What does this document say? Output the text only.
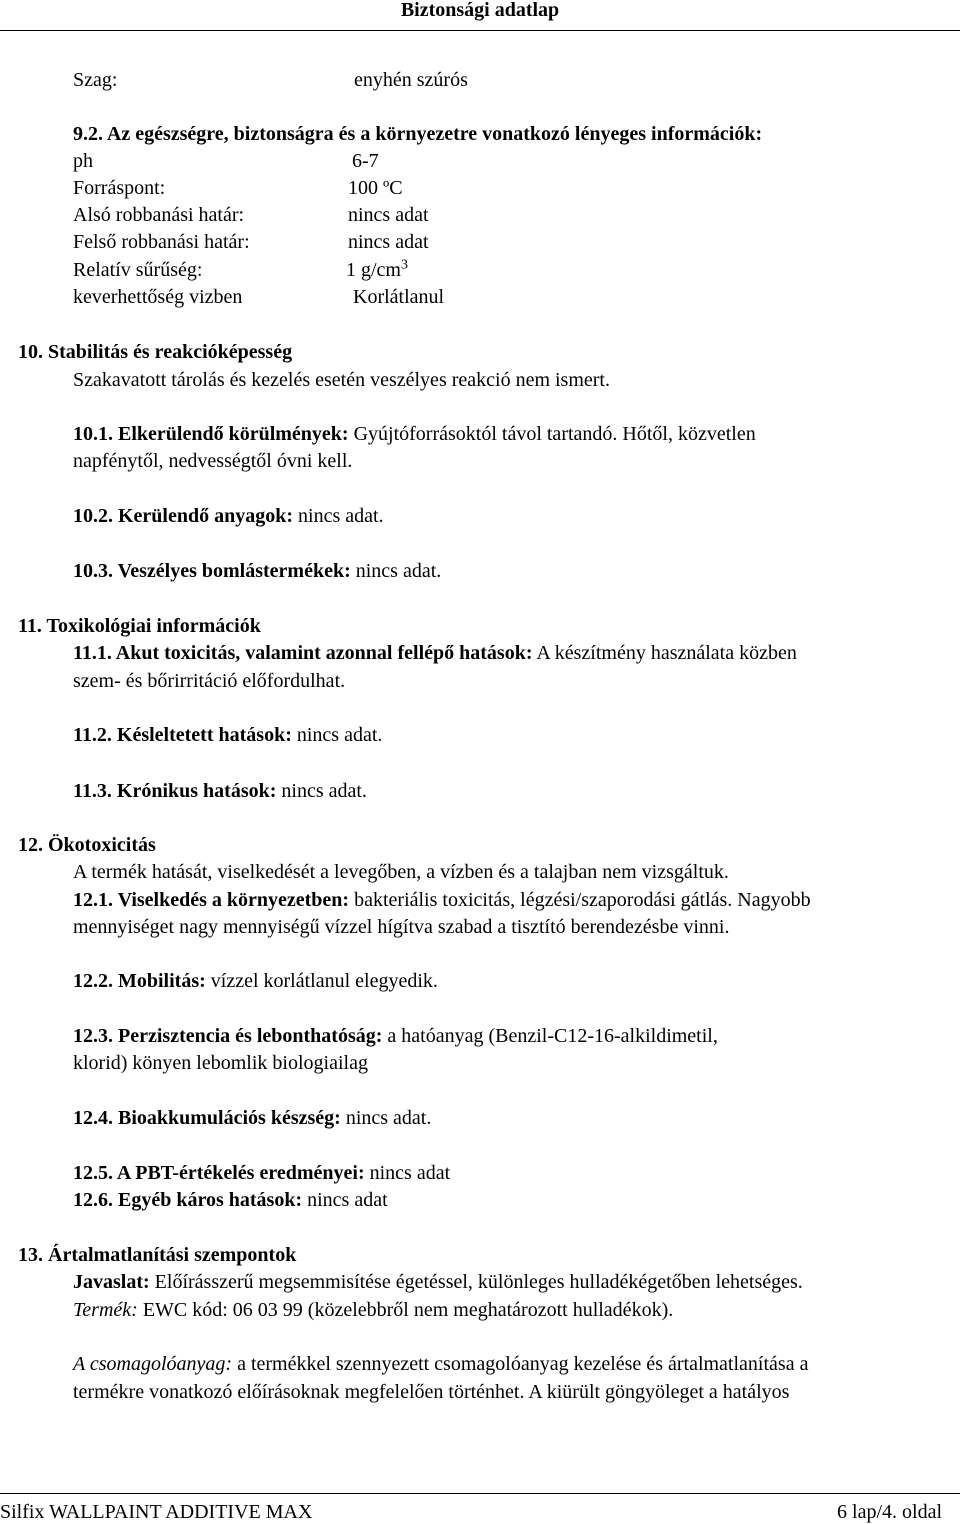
Biztonsági adatlap
Szag:	enyhén szúrós
9.2. Az egészségre, biztonságra és a környezetre vonatkozó lényeges információk:
ph	6-7
Forráspont:	100 ºC
Alsó robbanási határ:	nincs adat
Felső robbanási határ:	nincs adat
Relatív sűrűség:	1 $g/cm^3$
keverhettőség vizben	Korlátlanul
10. Stabilitás és reakcióképesség
Szakavatott tárolás és kezelés esetén veszélyes reakció nem ismert.
10.1. Elkerülendő körülmények: Gyújtóforrásoktól távol tartandó. Hőtől, közvetlen
napfénytől, nedvességtől óvni kell.
10.2. Kerülendő anyagok: nincs adat.
10.3. Veszélyes bomlástermékek: nincs adat.
11. Toxikológiai információk
11.1. Akut toxicitás, valamint azonnal fellépő hatások: A készítmény használata közben
szem- és bőrirritáció előfordulhat.
11.2. Késleltetett hatások: nincs adat.
11.3. Krónikus hatások: nincs adat.
12. Ökotoxicitás
A termék hatását, viselkedését a levegőben, a vízben és a talajban nem vizsgáltuk.
12.1. Viselkedés a környezetben: bakteriális toxicitás, légzési/szaporodási gátlás. Nagyobb
mennyiséget nagy mennyiségű vízzel hígítva szabad a tisztító berendezésbe vinni.
12.2. Mobilitás: vízzel korlátlanul elegyedik.
12.3. Perzisztencia és lebonthatóság: a hatóanyag (Benzil-C12-16-alkildimetil,
klorid) könyen lebomlik biologiailag
12.4. Bioakkumulációs készség: nincs adat.
12.5. A PBT-értékelés eredményei: nincs adat
12.6. Egyéb káros hatások: nincs adat
13. Ártalmatlanítási szempontok
Javaslat: Előírásszerű megsemmisítése égetéssel, különleges hulladékégetőben lehetséges.
Termék: EWC kód: 06 03 99 (közelebbről nem meghatározott hulladékok).
A csomagolóanyag: a termékkel szennyezett csomagolóanyag kezelése és ártalmatlanítása a
termékre vonatkozó előírásoknak megfelelően történhet. A kiürült göngyöleget a hatályos
Silfix WALLPAINT ADDITIVE MAX	6 lap/4. oldal
